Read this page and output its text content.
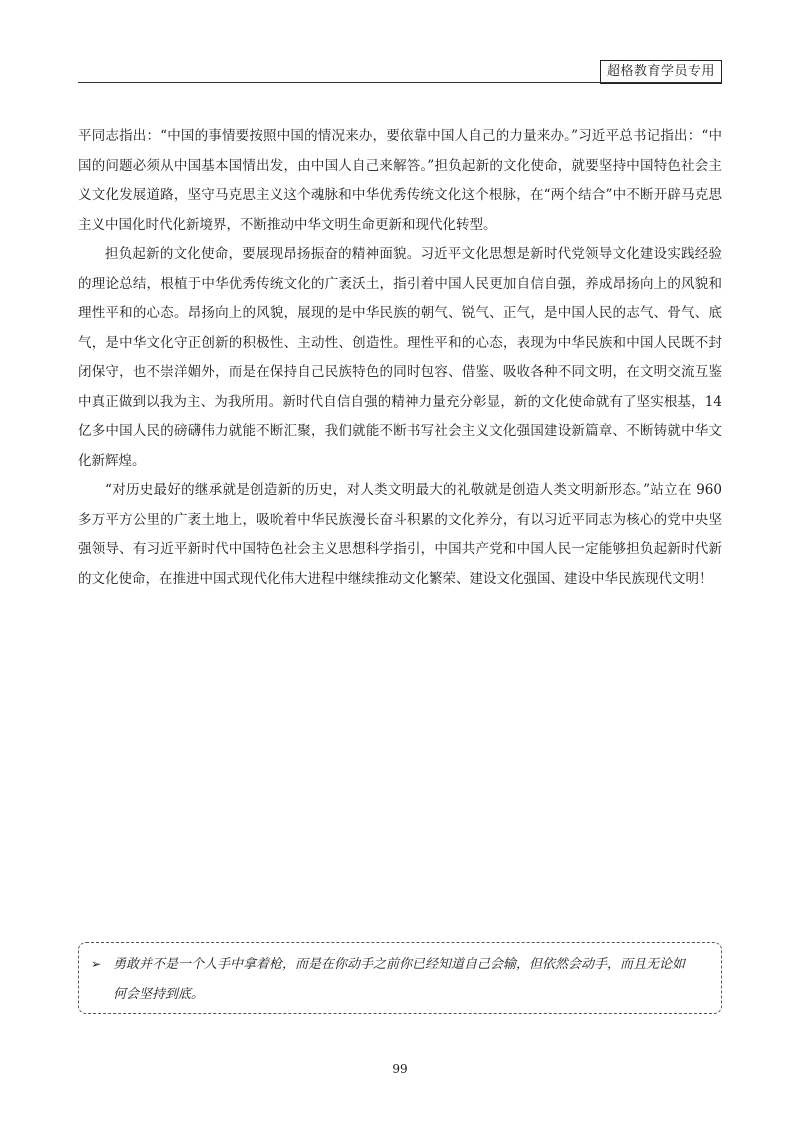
超格教育学员专用

平同志指出：“中国的事情要按照中国的情况来办，要依靠中国人自己的力量来办。”习近平总书记指出：“中国的问题必须从中国基本国情出发，由中国人自己来解答。”担负起新的文化使命，就要坚持中国特色社会主义文化发展道路，坚守马克思主义这个魂脉和中华优秀传统文化这个根脉，在“两个结合”中不断开辟马克思主义中国化时代化新境界，不断推动中华文明生命更新和现代化转型。

担负起新的文化使命，要展现昂扬振奋的精神面貌。习近平文化思想是新时代党领导文化建设实践经验的理论总结，根植于中华优秀传统文化的广袤沃土，指引着中国人民更加自信自强，养成昂扬向上的风貌和理性平和的心态。昂扬向上的风貌，展现的是中华民族的朝气、锐气、正气，是中国人民的志气、骨气、底气，是中华文化守正创新的积极性、主动性、创造性。理性平和的心态，表现为中华民族和中国人民既不封闭保守，也不崇洋媚外，而是在保持自己民族特色的同时包容、借鉴、吸收各种不同文明，在文明交流互鉴中真正做到以我为主、为我所用。新时代自信自强的精神力量充分彰显，新的文化使命就有了坚实根基，14 亿多中国人民的磅礴伟力就能不断汇聚，我们就能不断书写社会主义文化强国建设新篇章、不断铸就中华文化新辉煌。

“对历史最好的继承就是创造新的历史，对人类文明最大的礼敬就是创造人类文明新形态。”站立在 960 多万平方公里的广袤土地上，吸吮着中华民族漫长奋斗积累的文化养分，有以习近平同志为核心的党中央坚强领导、有习近平新时代中国特色社会主义思想科学指引，中国共产党和中国人民一定能够担负起新时代新的文化使命，在推进中国式现代化伟大进程中继续推动文化繁荣、建设文化强国、建设中华民族现代文明！

➢ 勇敢并不是一个人手中拿着枪，而是在你动手之前你已经知道自己会输，但依然会动手，而且无论如
何会坚持到底。
99
